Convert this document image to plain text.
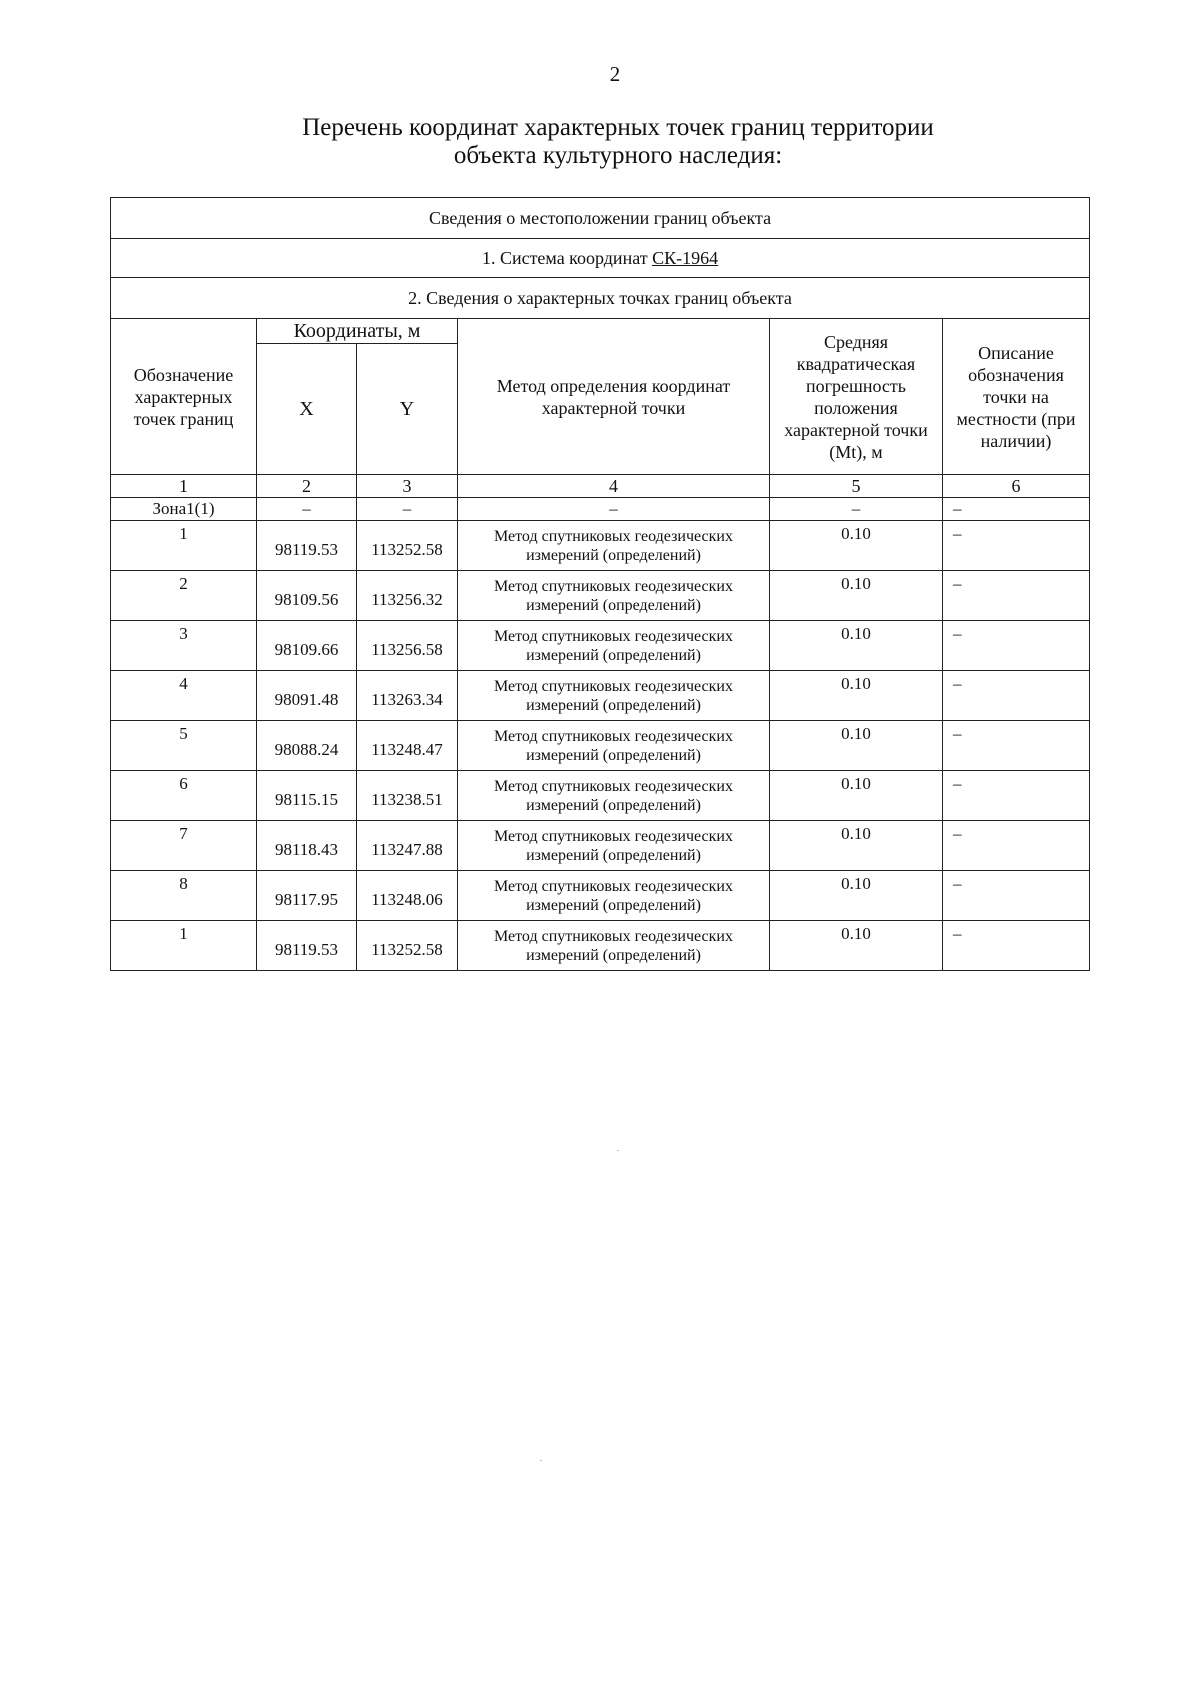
2
Перечень координат характерных точек границ территории
объекта культурного наследия:
Сведения о местоположении границ объекта					
1. Система координат СК-1964					
2. Сведения о характерных точках границ объекта					
Обозначение характерных точек границ	Координаты, м		Метод определения координат характерной точки	Средняя квадратическая погрешность положения характерной точки (Mt), м	Описание обозначения точки на местности (при наличии)
	X	Y			
1	2	3	4	5	6
Зона1(1)	–	–	–	–	–
1	98119.53	113252.58	Метод спутниковых геодезических измерений (определений)	0.10	–
2	98109.56	113256.32	Метод спутниковых геодезических измерений (определений)	0.10	–
3	98109.66	113256.58	Метод спутниковых геодезических измерений (определений)	0.10	–
4	98091.48	113263.34	Метод спутниковых геодезических измерений (определений)	0.10	–
5	98088.24	113248.47	Метод спутниковых геодезических измерений (определений)	0.10	–
6	98115.15	113238.51	Метод спутниковых геодезических измерений (определений)	0.10	–
7	98118.43	113247.88	Метод спутниковых геодезических измерений (определений)	0.10	–
8	98117.95	113248.06	Метод спутниковых геодезических измерений (определений)	0.10	–
1	98119.53	113252.58	Метод спутниковых геодезических измерений (определений)	0.10	–
